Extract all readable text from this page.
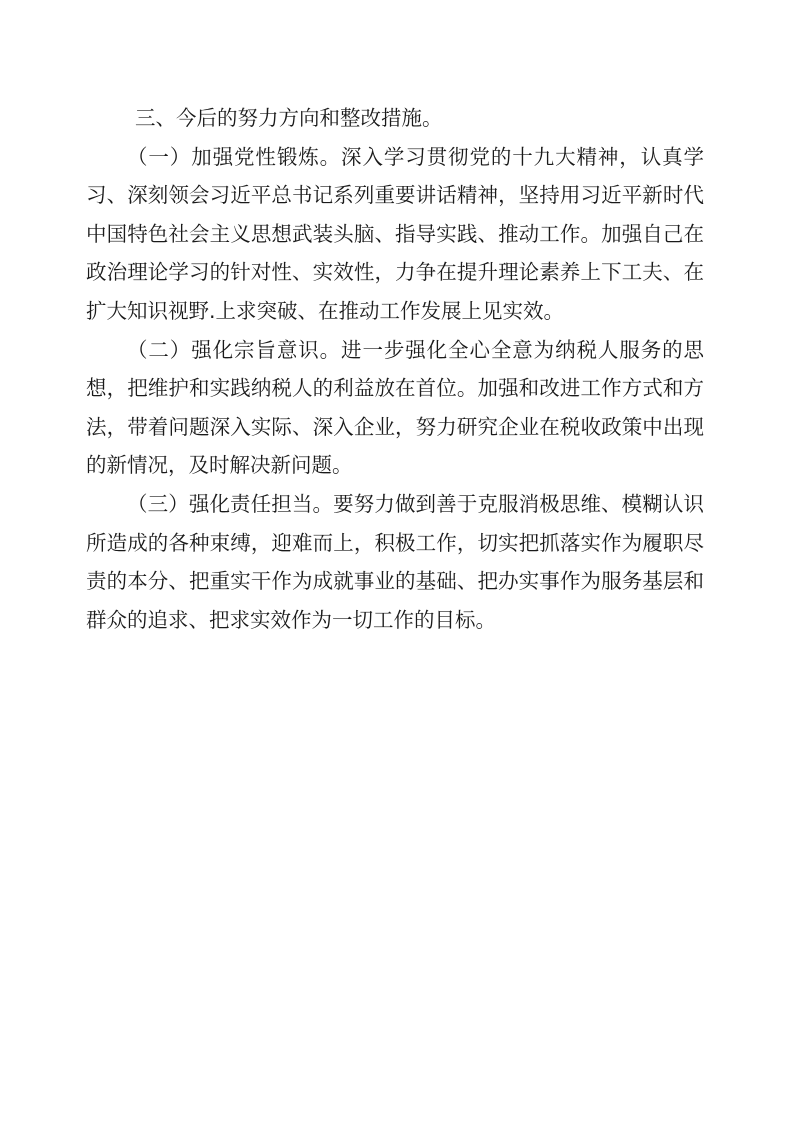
三、今后的努力方向和整改措施。

（一）加强党性锻炼。深入学习贯彻党的十九大精神，认真学习、深刻领会习近平总书记系列重要讲话精神，坚持用习近平新时代中国特色社会主义思想武装头脑、指导实践、推动工作。加强自己在政治理论学习的针对性、实效性，力争在提升理论素养上下工夫、在扩大知识视野.上求突破、在推动工作发展上见实效。

（二）强化宗旨意识。进一步强化全心全意为纳税人服务的思想，把维护和实践纳税人的利益放在首位。加强和改进工作方式和方法，带着问题深入实际、深入企业，努力研究企业在税收政策中出现的新情况，及时解决新问题。

（三）强化责任担当。要努力做到善于克服消极思维、模糊认识所造成的各种束缚，迎难而上，积极工作，切实把抓落实作为履职尽责的本分、把重实干作为成就事业的基础、把办实事作为服务基层和群众的追求、把求实效作为一切工作的目标。
